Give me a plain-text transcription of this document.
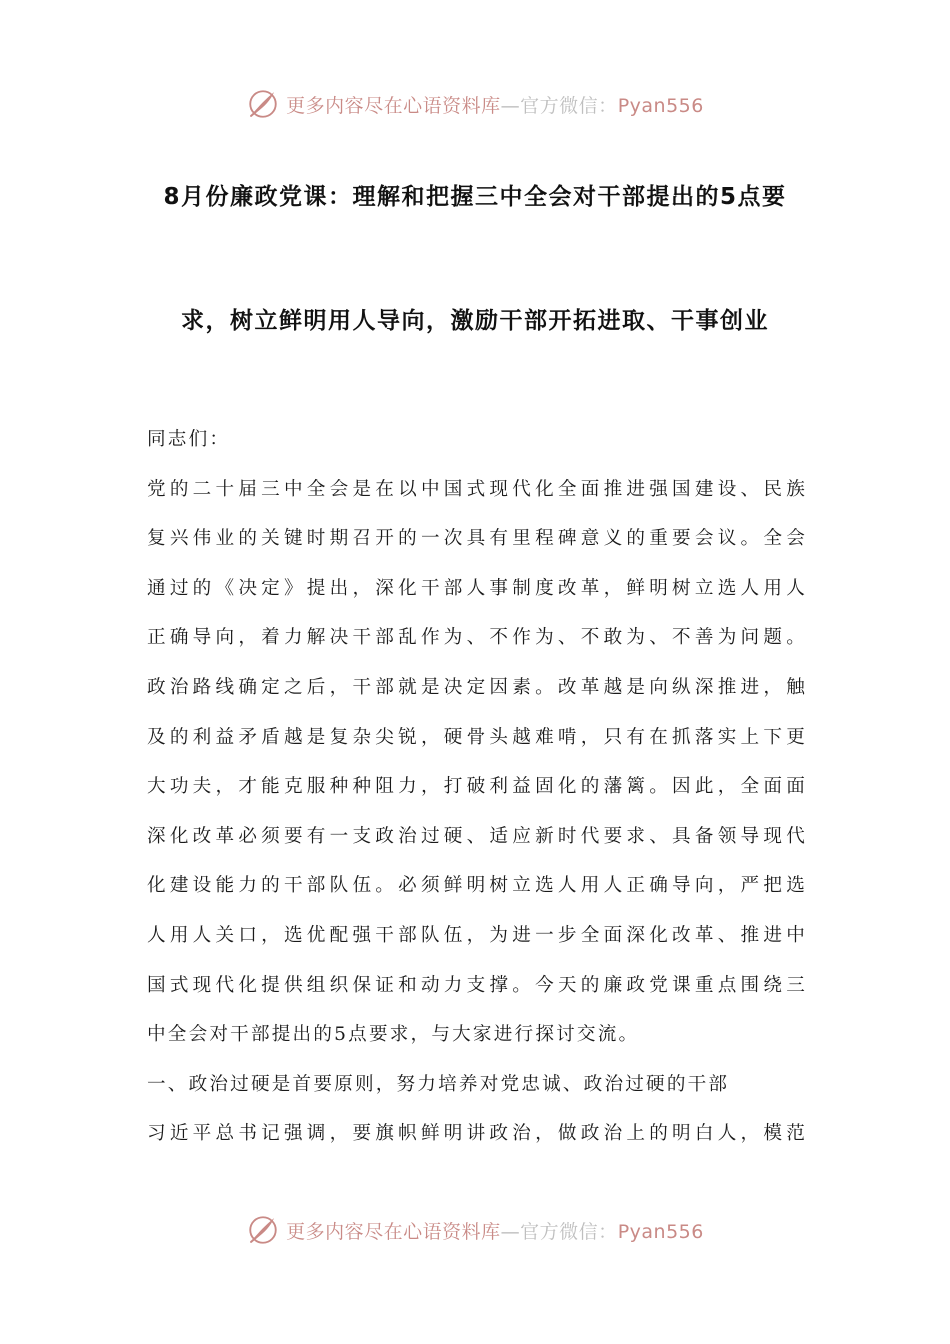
更多内容尽在心语资料库—官方微信：Pyan556
8月份廉政党课：理解和把握三中全会对干部提出的5点要
求，树立鲜明用人导向，激励干部开拓进取、干事创业

同志们：

党的二十届三中全会是在以中国式现代化全面推进强国建设、民族

复兴伟业的关键时期召开的一次具有里程碑意义的重要会议。全会

通过的《决定》提出，深化干部人事制度改革，鲜明树立选人用人

正确导向，着力解决干部乱作为、不作为、不敢为、不善为问题。

政治路线确定之后，干部就是决定因素。改革越是向纵深推进，触

及的利益矛盾越是复杂尖锐，硬骨头越难啃，只有在抓落实上下更

大功夫，才能克服种种阻力，打破利益固化的藩篱。因此，全面面

深化改革必须要有一支政治过硬、适应新时代要求、具备领导现代

化建设能力的干部队伍。必须鲜明树立选人用人正确导向，严把选

人用人关口，选优配强干部队伍，为进一步全面深化改革、推进中

国式现代化提供组织保证和动力支撑。今天的廉政党课重点围绕三

中全会对干部提出的5点要求，与大家进行探讨交流。

一、政治过硬是首要原则，努力培养对党忠诚、政治过硬的干部

习近平总书记强调，要旗帜鲜明讲政治，做政治上的明白人，模范

更多内容尽在心语资料库—官方微信：Pyan556
